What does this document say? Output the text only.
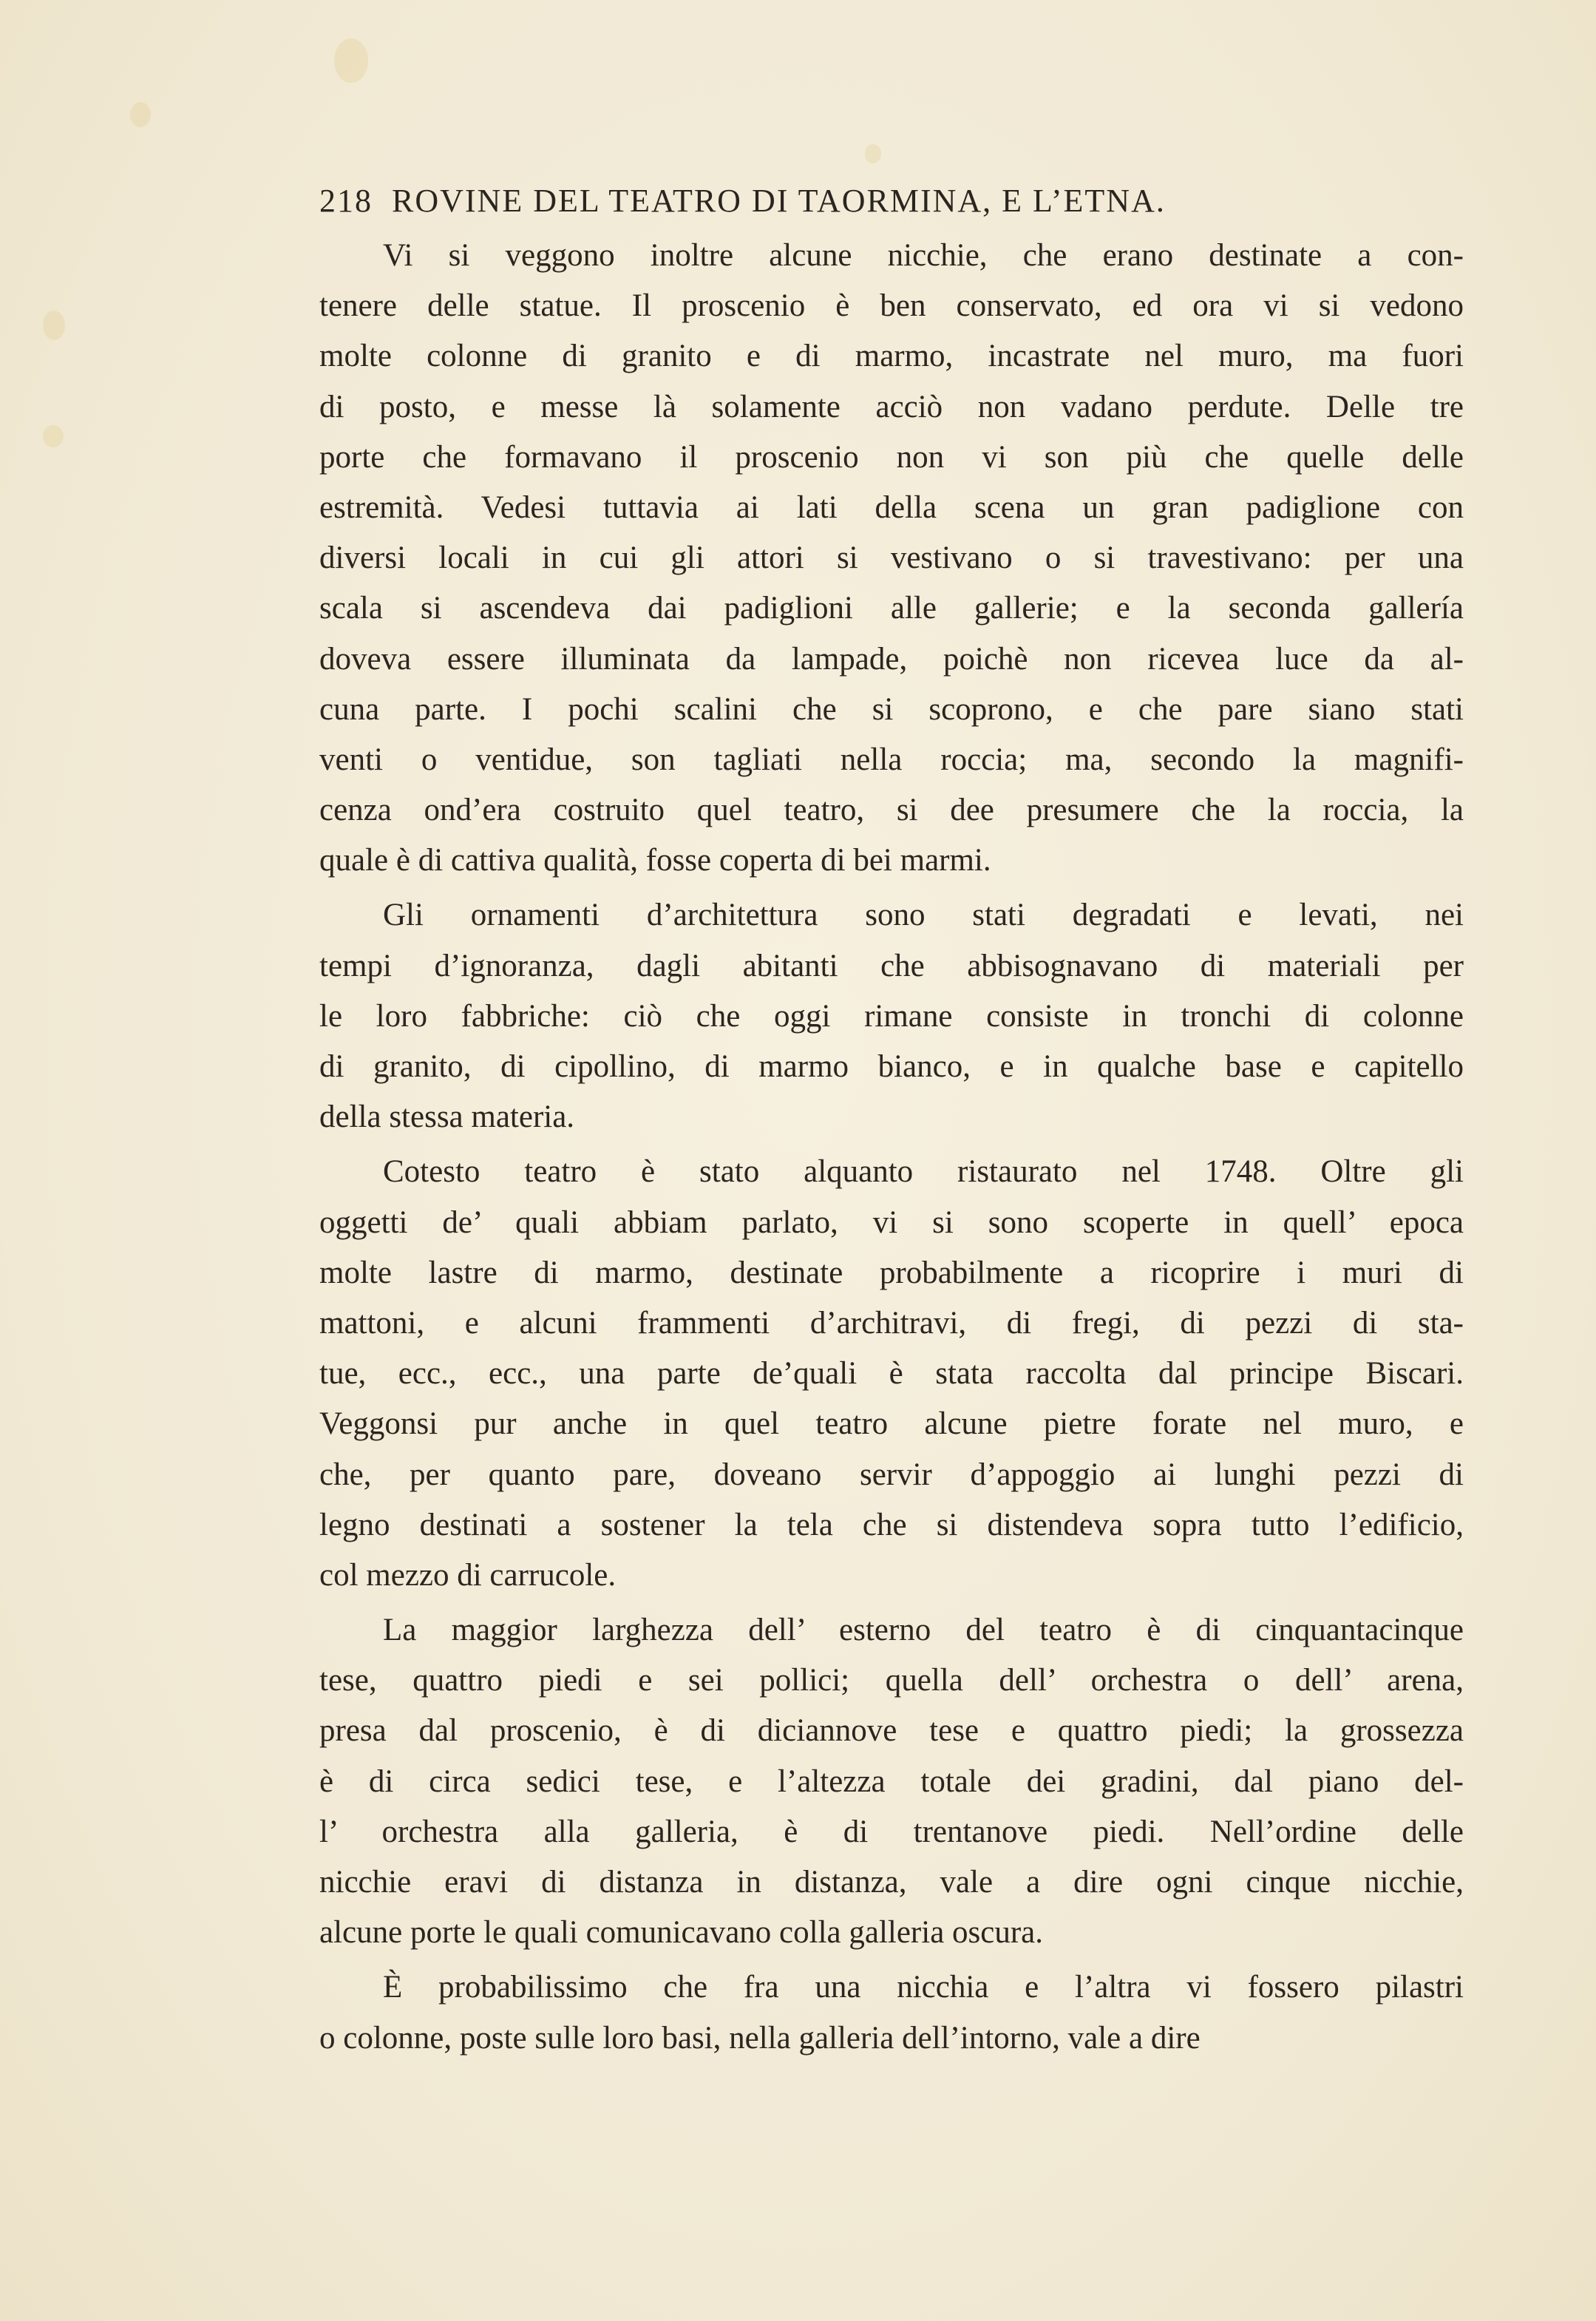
218 ROVINE DEL TEATRO DI TAORMINA, E L’ETNA.
Vi si veggono inoltre alcune nicchie, che erano destinate a con-
tenere delle statue. Il proscenio è ben conservato, ed ora vi si vedono
molte colonne di granito e di marmo, incastrate nel muro, ma fuori
di posto, e messe là solamente acciò non vadano perdute. Delle tre
porte che formavano il proscenio non vi son più che quelle delle
estremità. Vedesi tuttavia ai lati della scena un gran padiglione con
diversi locali in cui gli attori si vestivano o si travestivano: per una
scala si ascendeva dai padiglioni alle gallerie; e la seconda gallería
doveva essere illuminata da lampade, poichè non ricevea luce da al-
cuna parte. I pochi scalini che si scoprono, e che pare siano stati
venti o ventidue, son tagliati nella roccia; ma, secondo la magnifi-
cenza ond’era costruito quel teatro, si dee presumere che la roccia, la
quale è di cattiva qualità, fosse coperta di bei marmi.
Gli ornamenti d’architettura sono stati degradati e levati, nei
tempi d’ignoranza, dagli abitanti che abbisognavano di materiali per
le loro fabbriche: ciò che oggi rimane consiste in tronchi di colonne
di granito, di cipollino, di marmo bianco, e in qualche base e capitello
della stessa materia.
Cotesto teatro è stato alquanto ristaurato nel 1748. Oltre gli
oggetti de’ quali abbiam parlato, vi si sono scoperte in quell’ epoca
molte lastre di marmo, destinate probabilmente a ricoprire i muri di
mattoni, e alcuni frammenti d’architravi, di fregi, di pezzi di sta-
tue, ecc., ecc., una parte de’quali è stata raccolta dal principe Biscari.
Veggonsi pur anche in quel teatro alcune pietre forate nel muro, e
che, per quanto pare, doveano servir d’appoggio ai lunghi pezzi di
legno destinati a sostener la tela che si distendeva sopra tutto l’edificio,
col mezzo di carrucole.
La maggior larghezza dell’ esterno del teatro è di cinquantacinque
tese, quattro piedi e sei pollici; quella dell’ orchestra o dell’ arena,
presa dal proscenio, è di diciannove tese e quattro piedi; la grossezza
è di circa sedici tese, e l’altezza totale dei gradini, dal piano del-
l’ orchestra alla galleria, è di trentanove piedi. Nell’ordine delle
nicchie eravi di distanza in distanza, vale a dire ogni cinque nicchie,
alcune porte le quali comunicavano colla galleria oscura.
È probabilissimo che fra una nicchia e l’altra vi fossero pilastri
o colonne, poste sulle loro basi, nella galleria dell’intorno, vale a dire
